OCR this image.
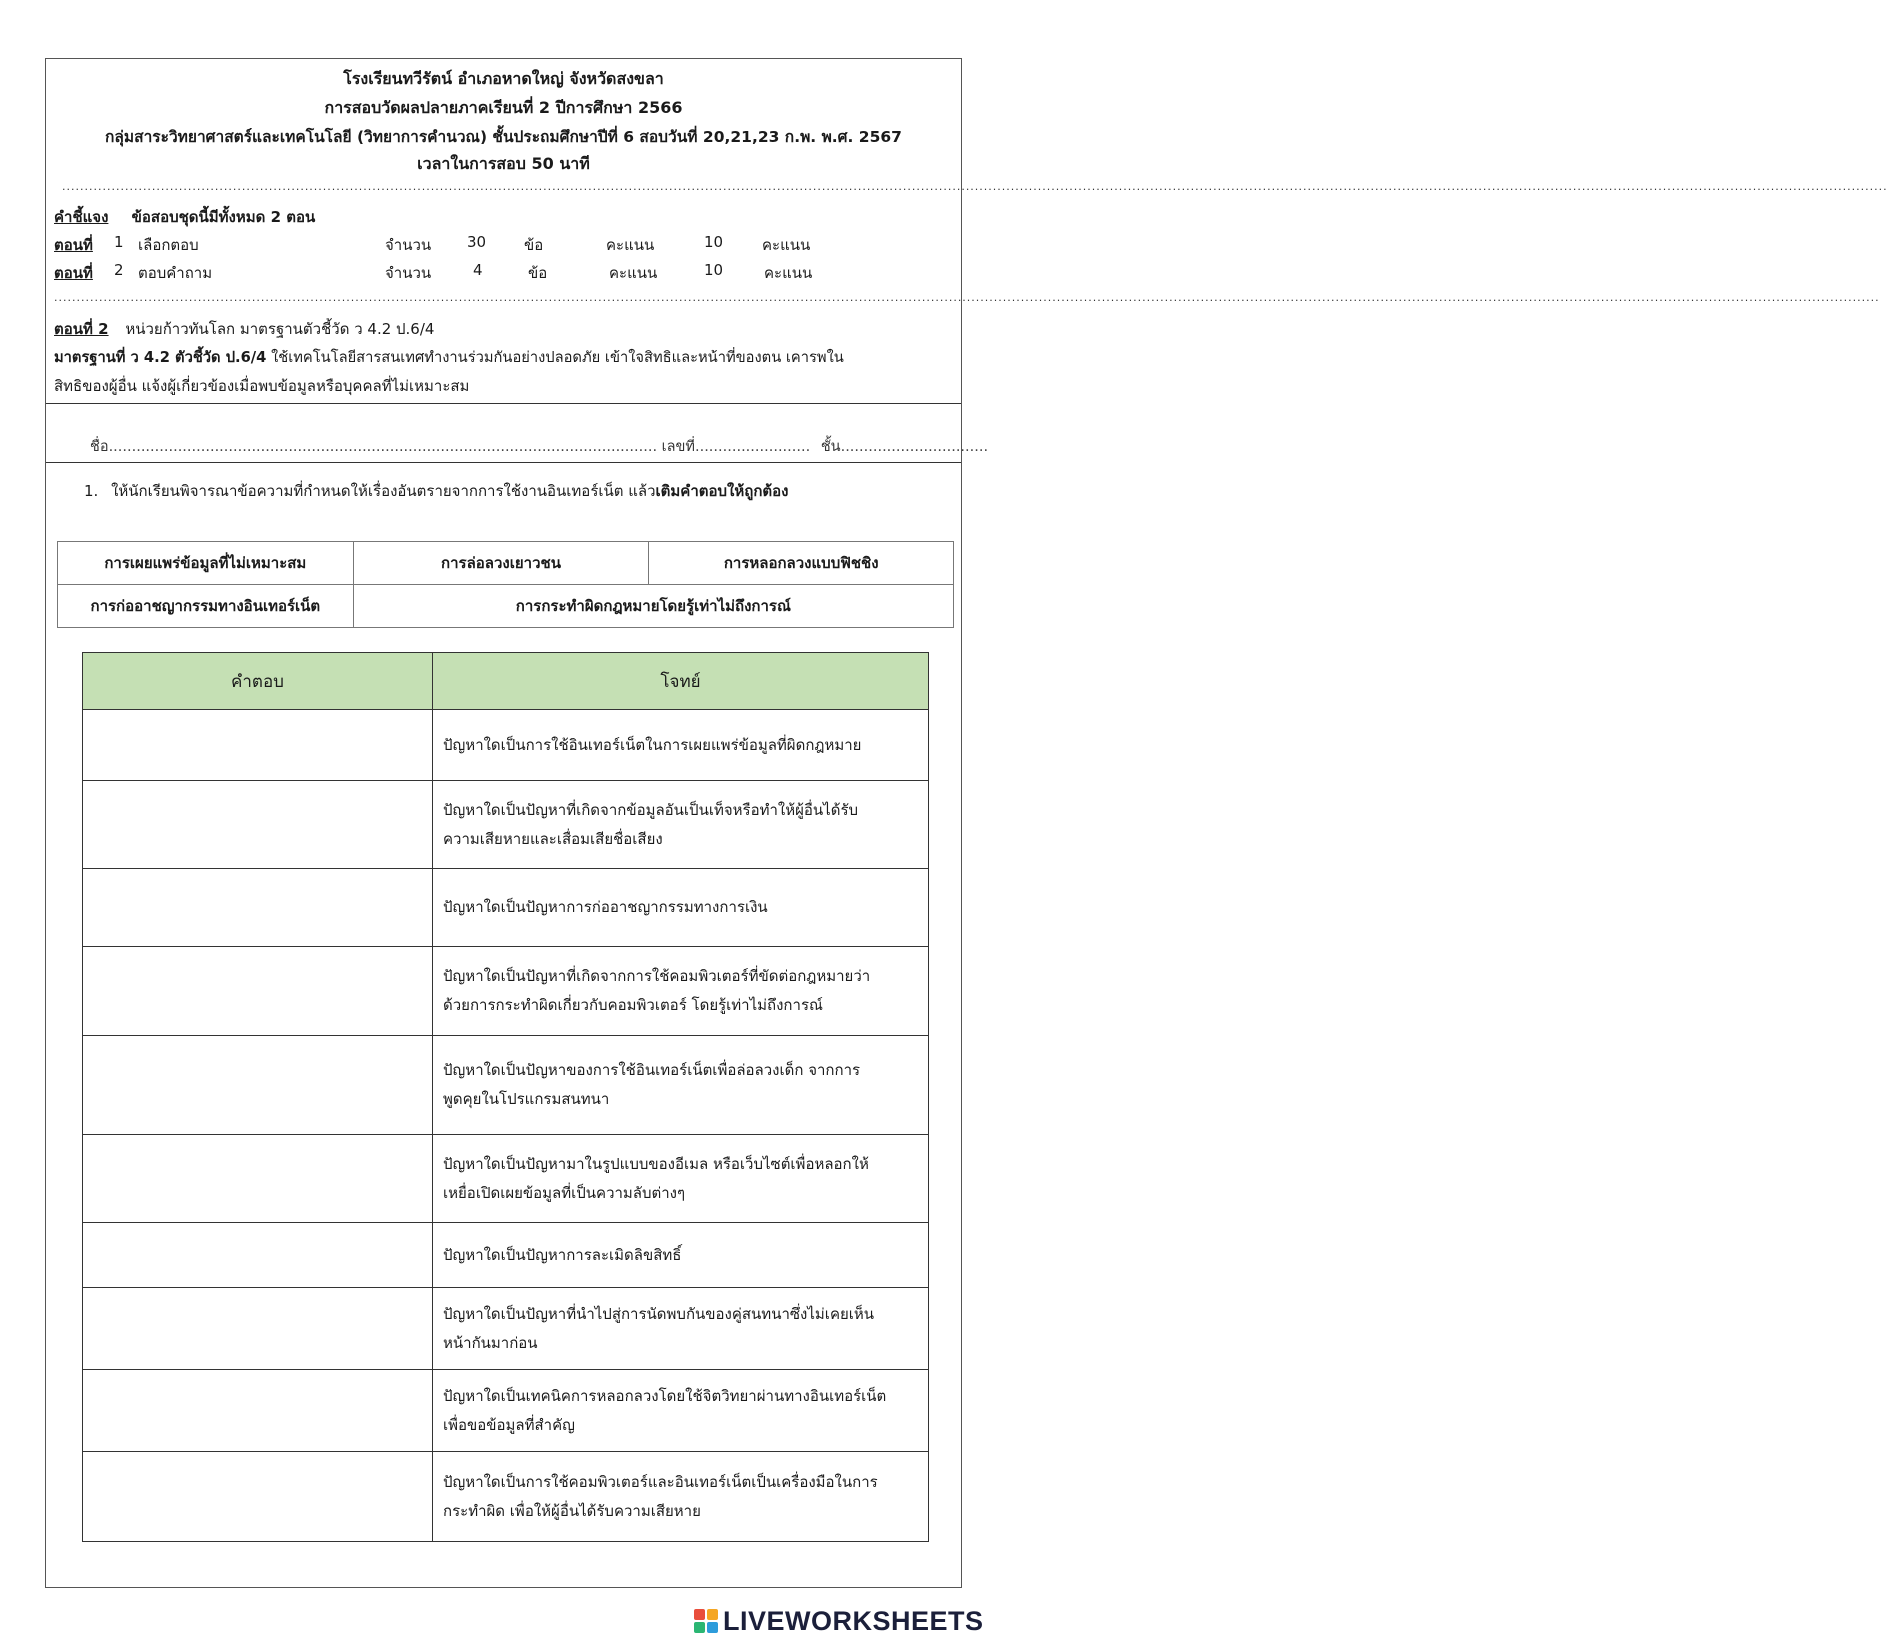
โรงเรียนทวีรัตน์ อำเภอหาดใหญ่ จังหวัดสงขลา
การสอบวัดผลปลายภาคเรียนที่ 2 ปีการศึกษา 2566
กลุ่มสาระวิทยาศาสตร์และเทคโนโลยี (วิทยาการคำนวณ) ชั้นประถมศึกษาปีที่ 6 สอบวันที่ 20,21,23 ก.พ. พ.ศ. 2567
เวลาในการสอบ 50 นาที
......................................................................................................................................................................................................................................................................................................................................................................................................................
คำชี้แจง ข้อสอบชุดนี้มีทั้งหมด 2 ตอน
ตอนที่ 1 เลือกตอบ	จำนวน 30	ข้อ	คะแนน	10	คะแนน
ตอนที่ 2 ตอบคำถาม	จำนวน	4	ข้อ	คะแนน	10	คะแนน
......................................................................................................................................................................................................................................................................................................................................................................................................................
ตอนที่ 2 หน่วยก้าวทันโลก มาตรฐานตัวชี้วัด ว 4.2 ป.6/4
มาตรฐานที่ ว 4.2 ตัวชี้วัด ป.6/4 ใช้เทคโนโลยีสารสนเทศทำงานร่วมกันอย่างปลอดภัย เข้าใจสิทธิและหน้าที่ของตน เคารพใน
สิทธิของผู้อื่น แจ้งผู้เกี่ยวข้องเมื่อพบข้อมูลหรือบุคคลที่ไม่เหมาะสม
ชื่อ....................................................................................................................... เลขที่......................... ชั้น................................
1. ให้นักเรียนพิจารณาข้อความที่กำหนดให้เรื่องอันตรายจากการใช้งานอินเทอร์เน็ต แล้วเติมคำตอบให้ถูกต้อง
การเผยแพร่ข้อมูลที่ไม่เหมาะสม	การล่อลวงเยาวชน	การหลอกลวงแบบฟิชชิง
การก่ออาชญากรรมทางอินเทอร์เน็ต	การกระทำผิดกฎหมายโดยรู้เท่าไม่ถึงการณ์	
คำตอบ	โจทย์

ปัญหาใดเป็นการใช้อินเทอร์เน็ตในการเผยแพร่ข้อมูลที่ผิดกฎหมาย

ปัญหาใดเป็นปัญหาที่เกิดจากข้อมูลอันเป็นเท็จหรือทำให้ผู้อื่นได้รับ
ความเสียหายและเสื่อมเสียชื่อเสียง

ปัญหาใดเป็นปัญหาการก่ออาชญากรรมทางการเงิน

ปัญหาใดเป็นปัญหาที่เกิดจากการใช้คอมพิวเตอร์ที่ขัดต่อกฎหมายว่า
ด้วยการกระทำผิดเกี่ยวกับคอมพิวเตอร์ โดยรู้เท่าไม่ถึงการณ์

ปัญหาใดเป็นปัญหาของการใช้อินเทอร์เน็ตเพื่อล่อลวงเด็ก จากการ
พูดคุยในโปรแกรมสนทนา

ปัญหาใดเป็นปัญหามาในรูปแบบของอีเมล หรือเว็บไซต์เพื่อหลอกให้
เหยื่อเปิดเผยข้อมูลที่เป็นความลับต่างๆ

ปัญหาใดเป็นปัญหาการละเมิดลิขสิทธิ์

ปัญหาใดเป็นปัญหาที่นำไปสู่การนัดพบกันของคู่สนทนาซึ่งไม่เคยเห็น
หน้ากันมาก่อน

ปัญหาใดเป็นเทคนิคการหลอกลวงโดยใช้จิตวิทยาผ่านทางอินเทอร์เน็ต
เพื่อขอข้อมูลที่สำคัญ

ปัญหาใดเป็นการใช้คอมพิวเตอร์และอินเทอร์เน็ตเป็นเครื่องมือในการ
กระทำผิด เพื่อให้ผู้อื่นได้รับความเสียหาย
LIVEWORKSHEETS
